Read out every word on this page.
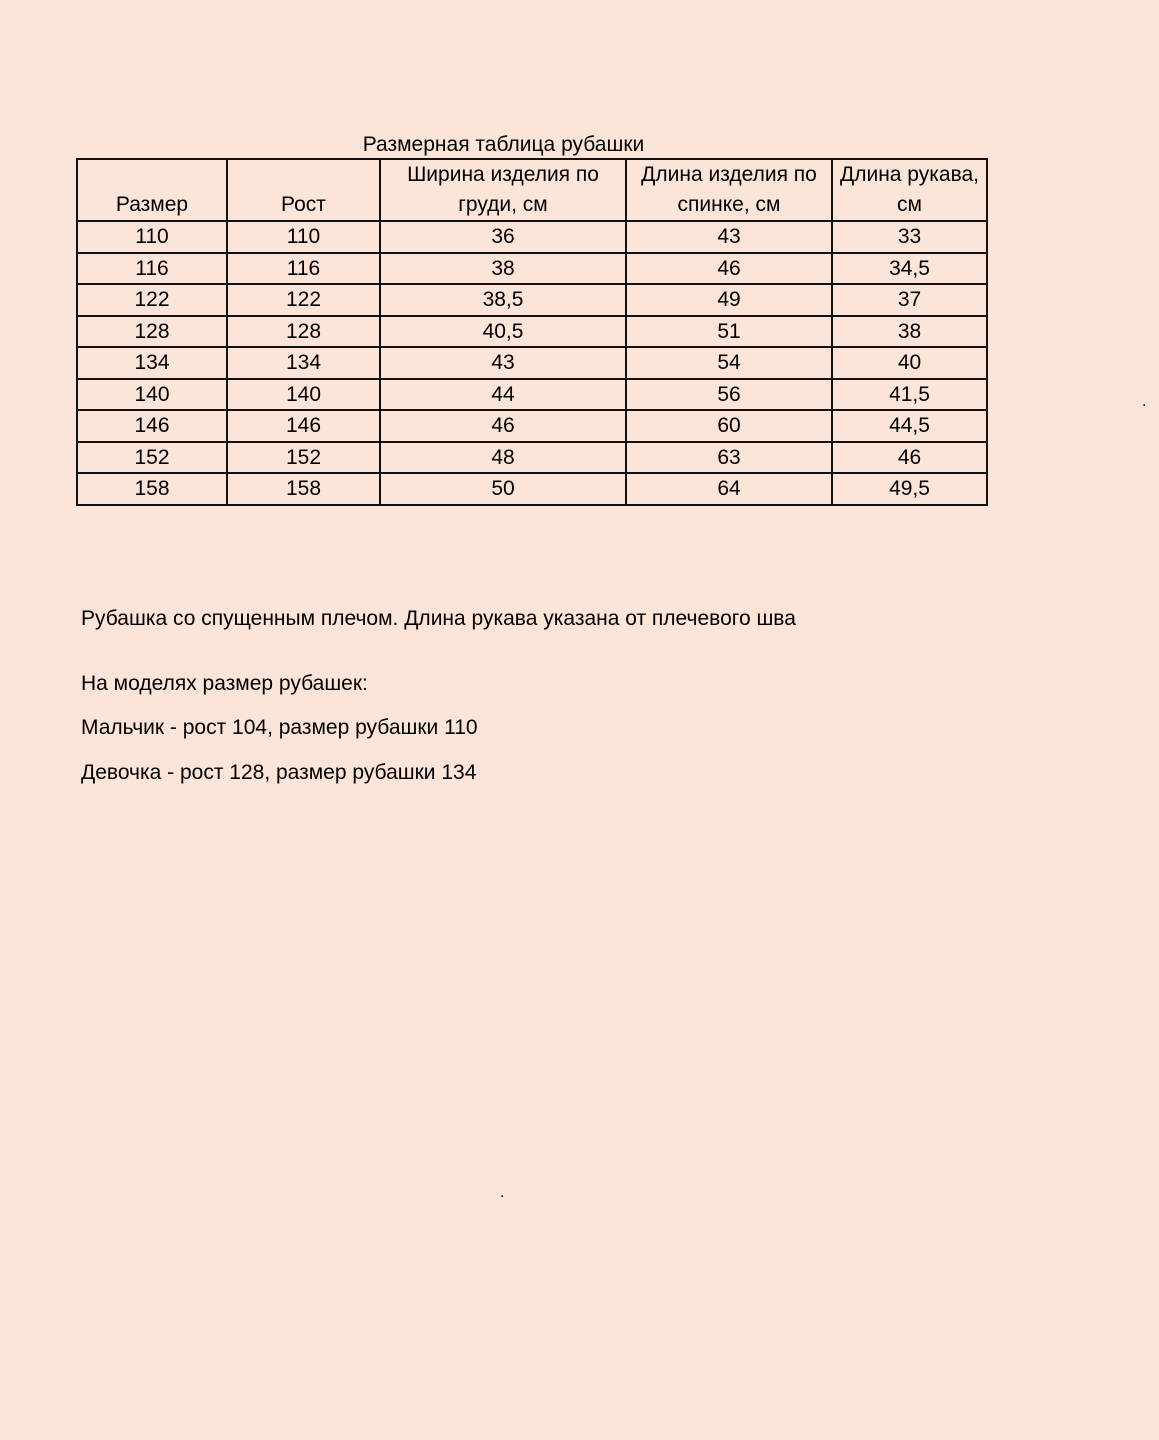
Размерная таблица рубашки
Размер	Рост	Ширина изделия по груди, см	Длина изделия по спинке, см	Длина рукава, см
110	110	36	43	33
116	116	38	46	34,5
122	122	38,5	49	37
128	128	40,5	51	38
134	134	43	54	40
140	140	44	56	41,5
146	146	46	60	44,5
152	152	48	63	46
158	158	50	64	49,5
Рубашка со спущенным плечом. Длина рукава указана от плечевого шва
На моделях размер рубашек:
Мальчик - рост 104, размер рубашки 110
Девочка - рост 128, размер рубашки 134
.
.
